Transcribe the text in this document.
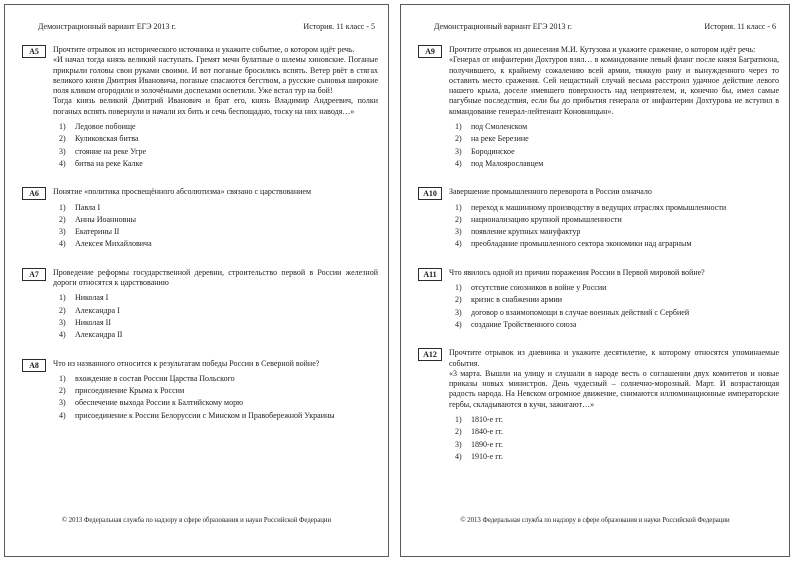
Демонстрационный вариант ЕГЭ 2013 г.	История. 11 класс - 5
А5	Прочтите отрывок из исторического источника и укажите событие, о котором идёт речь.

«И начал тогда князь великий наступать. Гремят мечи булатные о шлемы хиновские. Поганые прикрыли головы свои руками своими. И вот поганые бросились вспять. Ветер рвёт в стягах великого князя Дмитрия Ивановича, поганые спасаются бегством, а русские сыновья широкие поля кликом огородили и золочёными доспехами осветили. Уже встал тур на бой!

Тогда князь великий Дмитрий Иванович и брат его, князь Владимир Андреевич, полки поганых вспять повернули и начали их бить и сечь беспощадно, тоску на них наводя…»

1)	Ледовое побоище
2)	Куликовская битва
3)	стояние на реке Угре
4)	битва на реке Калке
А6	Понятие «политика просвещённого абсолютизма» связано с царствованием

1)	Павла I
2)	Анны Иоанновны
3)	Екатерины II
4)	Алексея Михайловича
А7	Проведение реформы государственной деревни, строительство первой в России железной дороги относятся к царствованию

1)	Николая I
2)	Александра I
3)	Николая II
4)	Александра II
А8	Что из названного относится к результатам победы России в Северной войне?

1)	вхождение в состав России Царства Польского
2)	присоединение Крыма к России
3)	обеспечение выхода России к Балтийскому морю
4)	присоединение к России Белоруссии с Минском и Правобережной Украины
© 2013 Федеральная служба по надзору в сфере образования и науки Российской Федерации
Демонстрационный вариант ЕГЭ 2013 г.	История. 11 класс - 6
А9	Прочтите отрывок из донесения М.И. Кутузова и укажите сражение, о котором идёт речь:

«Генерал от инфантерии Дохтуров взял… в командование левый фланг после князя Багратиона, получившего, к крайнему сожалению всей армии, тяжкую рану и вынужденного через то оставить место сражения. Сей нещастный случай весьма расстроил удачное действие левого нашего крыла, доселе имевшего поверхность над неприятелем, и, конечно бы, имел самые пагубные последствия, если бы до прибытия генерала от инфантерии Дохтурова не вступил в командование генерал-лейтенант Коновницын».

1)	под Смоленском
2)	на реке Березине
3)	Бородинское
4)	под Малоярославцем
А10	Завершение промышленного переворота в России означало

1)	переход к машинному производству в ведущих отраслях промышленности
2)	национализацию крупной промышленности
3)	появление крупных мануфактур
4)	преобладание промышленного сектора экономики над аграрным
А11	Что явилось одной из причин поражения России в Первой мировой войне?

1)	отсутствие союзников в войне у России
2)	кризис в снабжении армии
3)	договор о взаимопомощи в случае военных действий с Сербией
4)	создание Тройственного союза
А12	Прочтите отрывок из дневника и укажите десятилетие, к которому относятся упоминаемые события.

«3 марта. Вышли на улицу и слушали в народе весть о соглашении двух комитетов и новые приказы новых министров. День чудесный – солнечно-морозный. Март. И возрастающая радость народа. На Невском огромное движение, снимаются иллюминационные императорские гербы, складываются в кучи, зажигают…»

1)	1810-е гг.
2)	1840-е гг.
3)	1890-е гг.
4)	1910-е гг.
© 2013 Федеральная служба по надзору в сфере образования и науки Российской Федерации
